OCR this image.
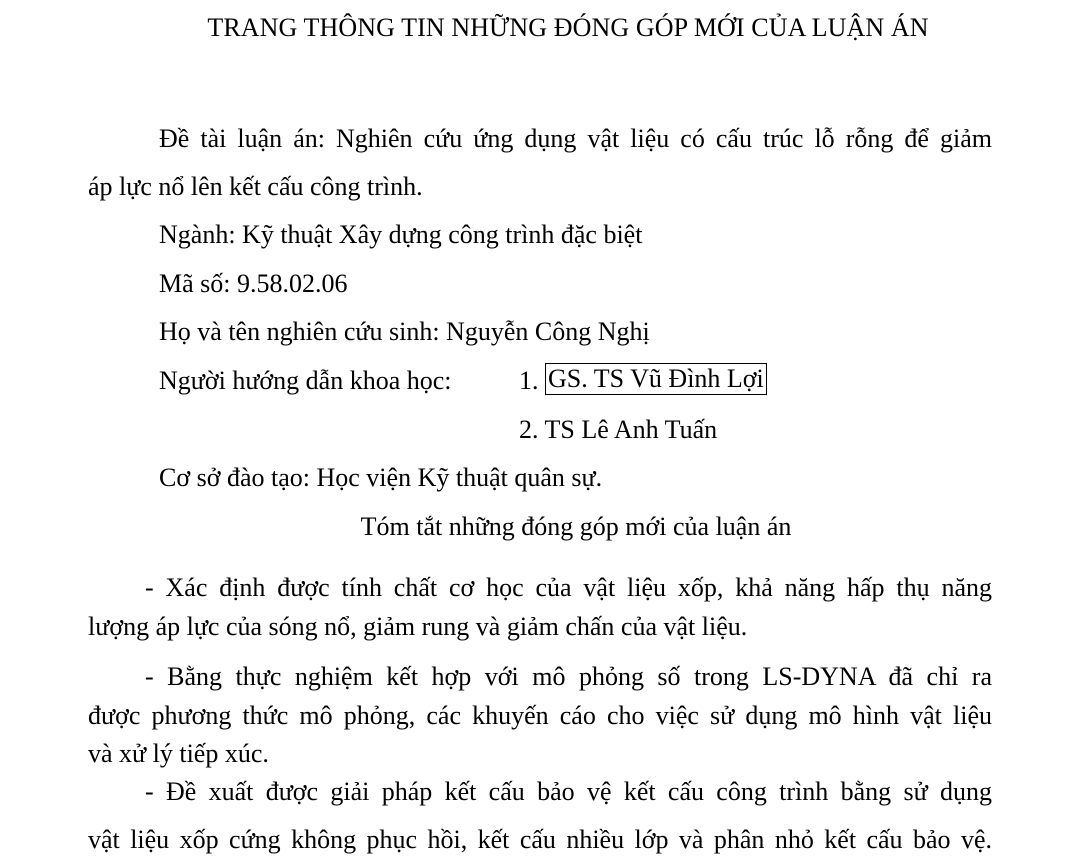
TRANG THÔNG TIN NHỮNG ĐÓNG GÓP MỚI CỦA LUẬN ÁN
Đề tài luận án: Nghiên cứu ứng dụng vật liệu có cấu trúc lỗ rỗng để giảm
áp lực nổ lên kết cấu công trình.
Ngành: Kỹ thuật Xây dựng công trình đặc biệt
Mã số: 9.58.02.06
Họ và tên nghiên cứu sinh: Nguyễn Công Nghị
Người hướng dẫn khoa học:	1. GS. TS Vũ Đình Lợi
2. TS Lê Anh Tuấn
Cơ sở đào tạo: Học viện Kỹ thuật quân sự.
Tóm tắt những đóng góp mới của luận án
- Xác định được tính chất cơ học của vật liệu xốp, khả năng hấp thụ năng
lượng áp lực của sóng nổ, giảm rung và giảm chấn của vật liệu.
- Bằng thực nghiệm kết hợp với mô phỏng số trong LS-DYNA đã chỉ ra
được phương thức mô phỏng, các khuyến cáo cho việc sử dụng mô hình vật liệu
và xử lý tiếp xúc.
- Đề xuất được giải pháp kết cấu bảo vệ kết cấu công trình bằng sử dụng
vật liệu xốp cứng không phục hồi, kết cấu nhiều lớp và phân nhỏ kết cấu bảo vệ.
